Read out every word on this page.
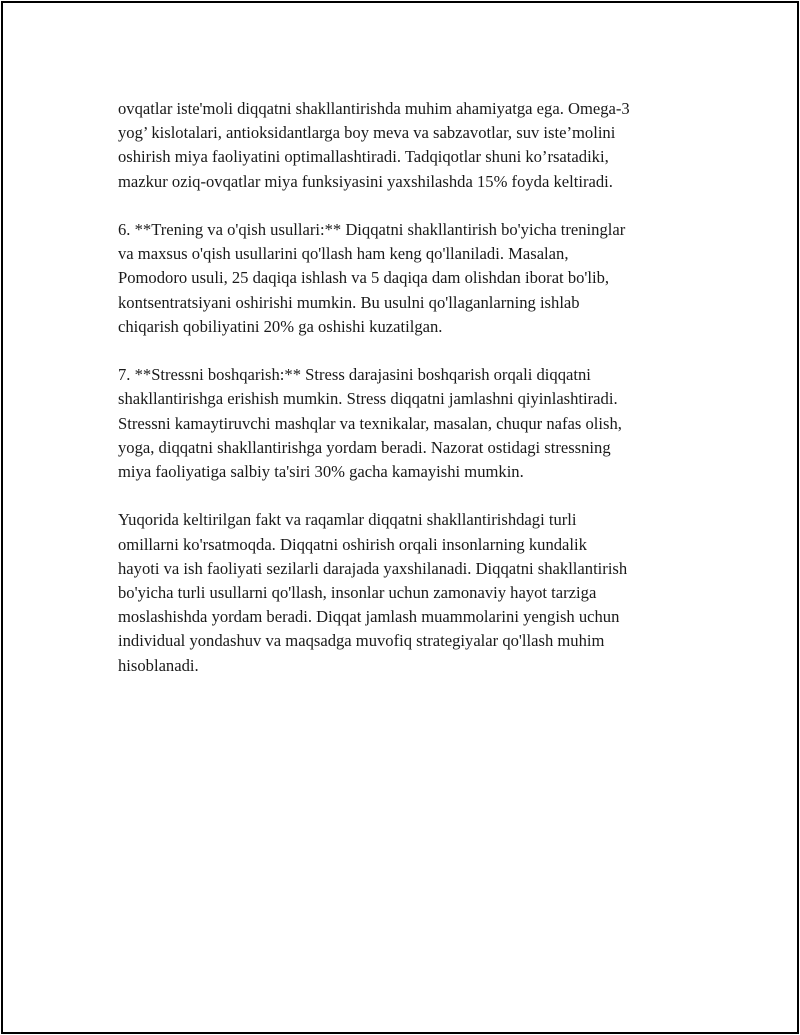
ovqatlar iste'moli diqqatni shakllantirishda muhim ahamiyatga ega. Omega-3
yog’ kislotalari, antioksidantlarga boy meva va sabzavotlar, suv iste’molini
oshirish miya faoliyatini optimallashtiradi. Tadqiqotlar shuni ko’rsatadiki,
mazkur oziq-ovqatlar miya funksiyasini yaxshilashda 15% foyda keltiradi.

6. **Trening va o'qish usullari:** Diqqatni shakllantirish bo'yicha treninglar
va maxsus o'qish usullarini qo'llash ham keng qo'llaniladi. Masalan,
Pomodoro usuli, 25 daqiqa ishlash va 5 daqiqa dam olishdan iborat bo'lib,
kontsentratsiyani oshirishi mumkin. Bu usulni qo'llaganlarning ishlab
chiqarish qobiliyatini 20% ga oshishi kuzatilgan.

7. **Stressni boshqarish:** Stress darajasini boshqarish orqali diqqatni
shakllantirishga erishish mumkin. Stress diqqatni jamlashni qiyinlashtiradi.
Stressni kamaytiruvchi mashqlar va texnikalar, masalan, chuqur nafas olish,
yoga, diqqatni shakllantirishga yordam beradi. Nazorat ostidagi stressning
miya faoliyatiga salbiy ta'siri 30% gacha kamayishi mumkin.

Yuqorida keltirilgan fakt va raqamlar diqqatni shakllantirishdagi turli
omillarni ko'rsatmoqda. Diqqatni oshirish orqali insonlarning kundalik
hayoti va ish faoliyati sezilarli darajada yaxshilanadi. Diqqatni shakllantirish
bo'yicha turli usullarni qo'llash, insonlar uchun zamonaviy hayot tarziga
moslashishda yordam beradi. Diqqat jamlash muammolarini yengish uchun
individual yondashuv va maqsadga muvofiq strategiyalar qo'llash muhim
hisoblanadi.
